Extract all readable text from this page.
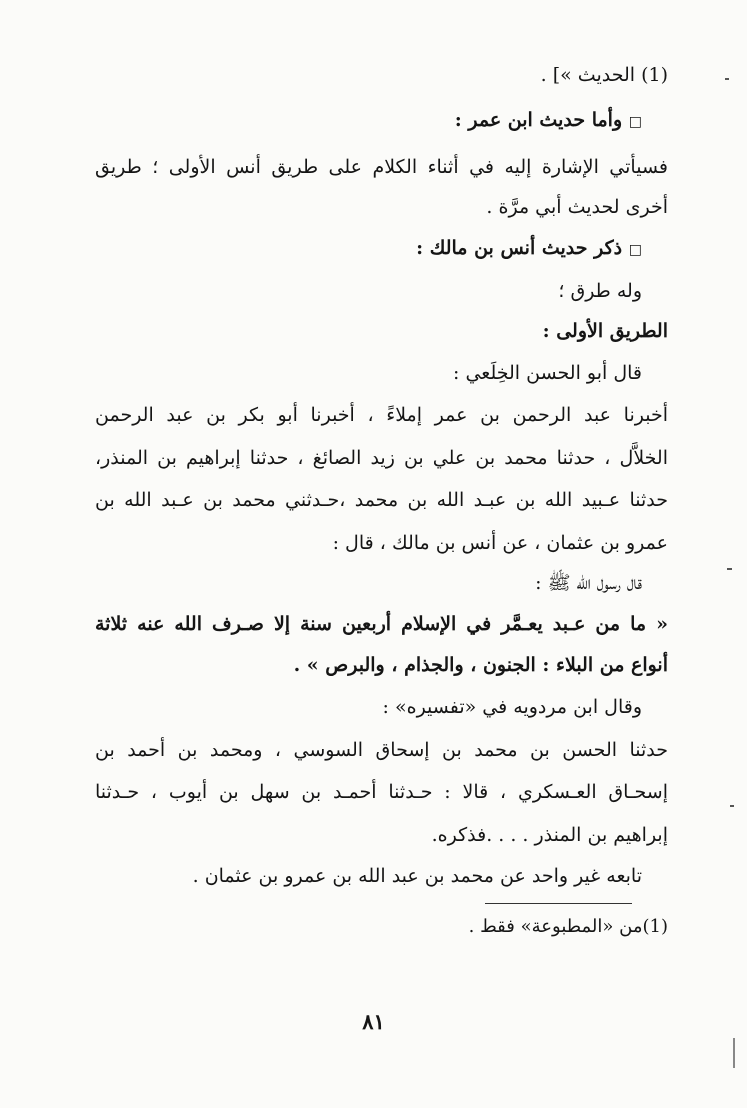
(1) الحديث »] .
□ وأما حديث ابن عمر :
فسيأتي الإشارة إليه في أثناء الكلام على طريق أنس الأولى ؛ طريق
أخرى لحديث أبي مرَّة .
□ ذكر حديث أنس بن مالك :
وله طرق ؛
الطريق الأولى :
قال أبو الحسن الخِلَعي :
أخبرنا عبد الرحمن بن عمر إملاءً ، أخبرنا أبو بكر بن عبد الرحمن
الخلاَّل ، حدثنا محمد بن علي بن زيد الصائغ ، حدثنا إبراهيم بن المنذر،
حدثنا عـبيد الله بن عبـد الله بن محمد ،حـدثني محمد بن عـبد الله بن
عمرو بن عثمان ، عن أنس بن مالك ، قال :
قال رسول الله ﷺ :
« ما من عـبد يعـمَّر في الإسلام أربعين سنة إلا صـرف الله عنه ثلاثة
أنواع من البلاء : الجنون ، والجذام ، والبرص » .
وقال ابن مردويه في «تفسيره» :
حدثنا الحسن بن محمد بن إسحاق السوسي ، ومحمد بن أحمد بن
إسحـاق العـسكري ، قالا : حـدثنا أحمـد بن سهل بن أيوب ، حـدثنا
إبراهيم بن المنذر . . . .فذكره.
تابعه غير واحد عن محمد بن عبد الله بن عمرو بن عثمان .
(1)من «المطبوعة» فقط .
٨١
